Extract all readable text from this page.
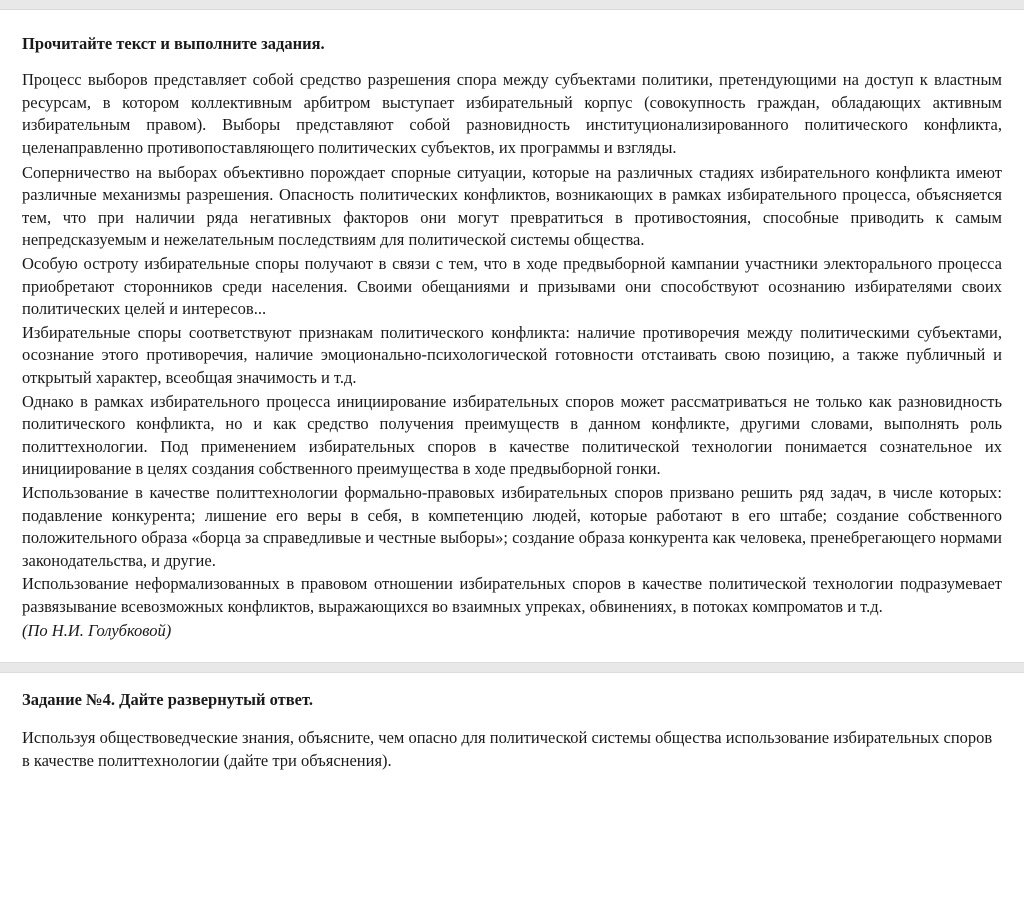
Прочитайте текст и выполните задания.

Процесс выборов представляет собой средство разрешения спора между субъектами политики, претендующими на доступ к властным ресурсам, в котором коллективным арбитром выступает избирательный корпус (совокупность граждан, обладающих активным избирательным правом). Выборы представляют собой разновидность институционализированного политического конфликта, целенаправленно противопоставляющего политических субъектов, их программы и взгляды.

Соперничество на выборах объективно порождает спорные ситуации, которые на различных стадиях избирательного конфликта имеют различные механизмы разрешения. Опасность политических конфликтов, возникающих в рамках избирательного процесса, объясняется тем, что при наличии ряда негативных факторов они могут превратиться в противостояния, способные приводить к самым непредсказуемым и нежелательным последствиям для политической системы общества.

Особую остроту избирательные споры получают в связи с тем, что в ходе предвыборной кампании участники электорального процесса приобретают сторонников среди населения. Своими обещаниями и призывами они способствуют осознанию избирателями своих политических целей и интересов...

Избирательные споры соответствуют признакам политического конфликта: наличие противоречия между политическими субъектами, осознание этого противоречия, наличие эмоционально-психологической готовности отстаивать свою позицию, а также публичный и открытый характер, всеобщая значимость и т.д.

Однако в рамках избирательного процесса инициирование избирательных споров может рассматриваться не только как разновидность политического конфликта, но и как средство получения преимуществ в данном конфликте, другими словами, выполнять роль политтехнологии. Под применением избирательных споров в качестве политической технологии понимается сознательное их инициирование в целях создания собственного преимущества в ходе предвыборной гонки.

Использование в качестве политтехнологии формально-правовых избирательных споров призвано решить ряд задач, в числе которых: подавление конкурента; лишение его веры в себя, в компетенцию людей, которые работают в его штабе; создание собственного положительного образа «борца за справедливые и честные выборы»; создание образа конкурента как человека, пренебрегающего нормами законодательства, и другие.

Использование неформализованных в правовом отношении избирательных споров в качестве политической технологии подразумевает развязывание всевозможных конфликтов, выражающихся во взаимных упреках, обвинениях, в потоках компроматов и т.д.

(По Н.И. Голубковой)
Задание №4. Дайте развернутый ответ.

Используя обществоведческие знания, объясните, чем опасно для политической системы общества использование избирательных споров

в качестве политтехнологии (дайте три объяснения).
